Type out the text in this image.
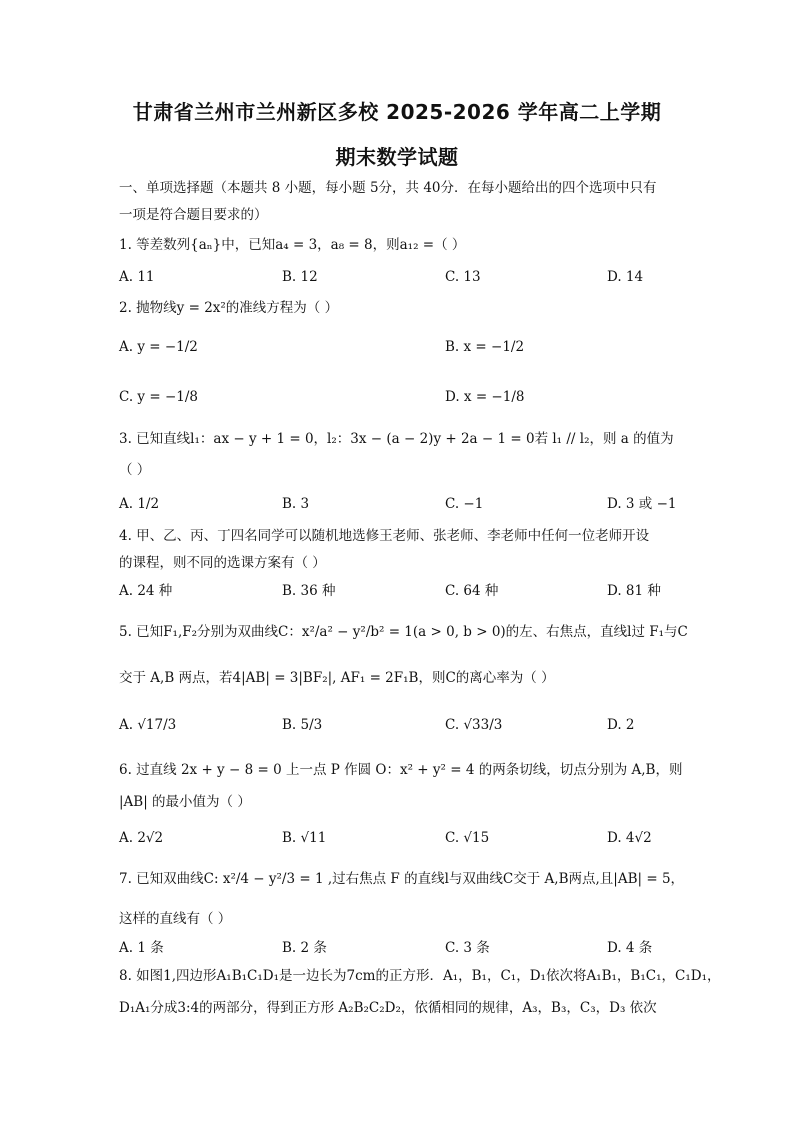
甘肃省兰州市兰州新区多校 2025-2026 学年高二上学期
期末数学试题
一、单项选择题（本题共 8 小题，每小题 5分，共 40分．在每小题给出的四个选项中只有
一项是符合题目要求的）
1. 等差数列{aₙ}中，已知a₄ = 3，a₈ = 8，则a₁₂ =（ ）
A. 11	B. 12	C. 13	D. 14
2. 抛物线y = 2x²的准线方程为（ ）
A. y = −1/2	B. x = −1/2
C. y = −1/8	D. x = −1/8
3. 已知直线l₁：ax − y + 1 = 0，l₂：3x − (a − 2)y + 2a − 1 = 0若 l₁ // l₂，则 a 的值为
（ ）
A. 1/2	B. 3	C. −1	D. 3 或 −1
4. 甲、乙、丙、丁四名同学可以随机地选修王老师、张老师、李老师中任何一位老师开设
的课程，则不同的选课方案有（ ）
A. 24 种	B. 36 种	C. 64 种	D. 81 种
5. 已知F₁,F₂分别为双曲线C：x²/a² − y²/b² = 1(a > 0, b > 0)的左、右焦点，直线l过 F₁与C
交于 A,B 两点，若4|AB| = 3|BF₂|, AF₁ = 2F₁B，则C的离心率为（ ）
A. √17/3	B. 5/3	C. √33/3	D. 2
6. 过直线 2x + y − 8 = 0 上一点 P 作圆 O：x² + y² = 4 的两条切线，切点分别为 A,B，则
|AB| 的最小值为（ ）
A. 2√2	B. √11	C. √15	D. 4√2
7. 已知双曲线C: x²/4 − y²/3 = 1 ,过右焦点 F 的直线l与双曲线C交于 A,B两点,且|AB| = 5，
这样的直线有（ ）
A. 1 条	B. 2 条	C. 3 条	D. 4 条
8. 如图1,四边形A₁B₁C₁D₁是一边长为7cm的正方形．A₁，B₁，C₁，D₁依次将A₁B₁，B₁C₁，C₁D₁，
D₁A₁分成3:4的两部分，得到正方形 A₂B₂C₂D₂，依循相同的规律，A₃，B₃，C₃，D₃ 依次
